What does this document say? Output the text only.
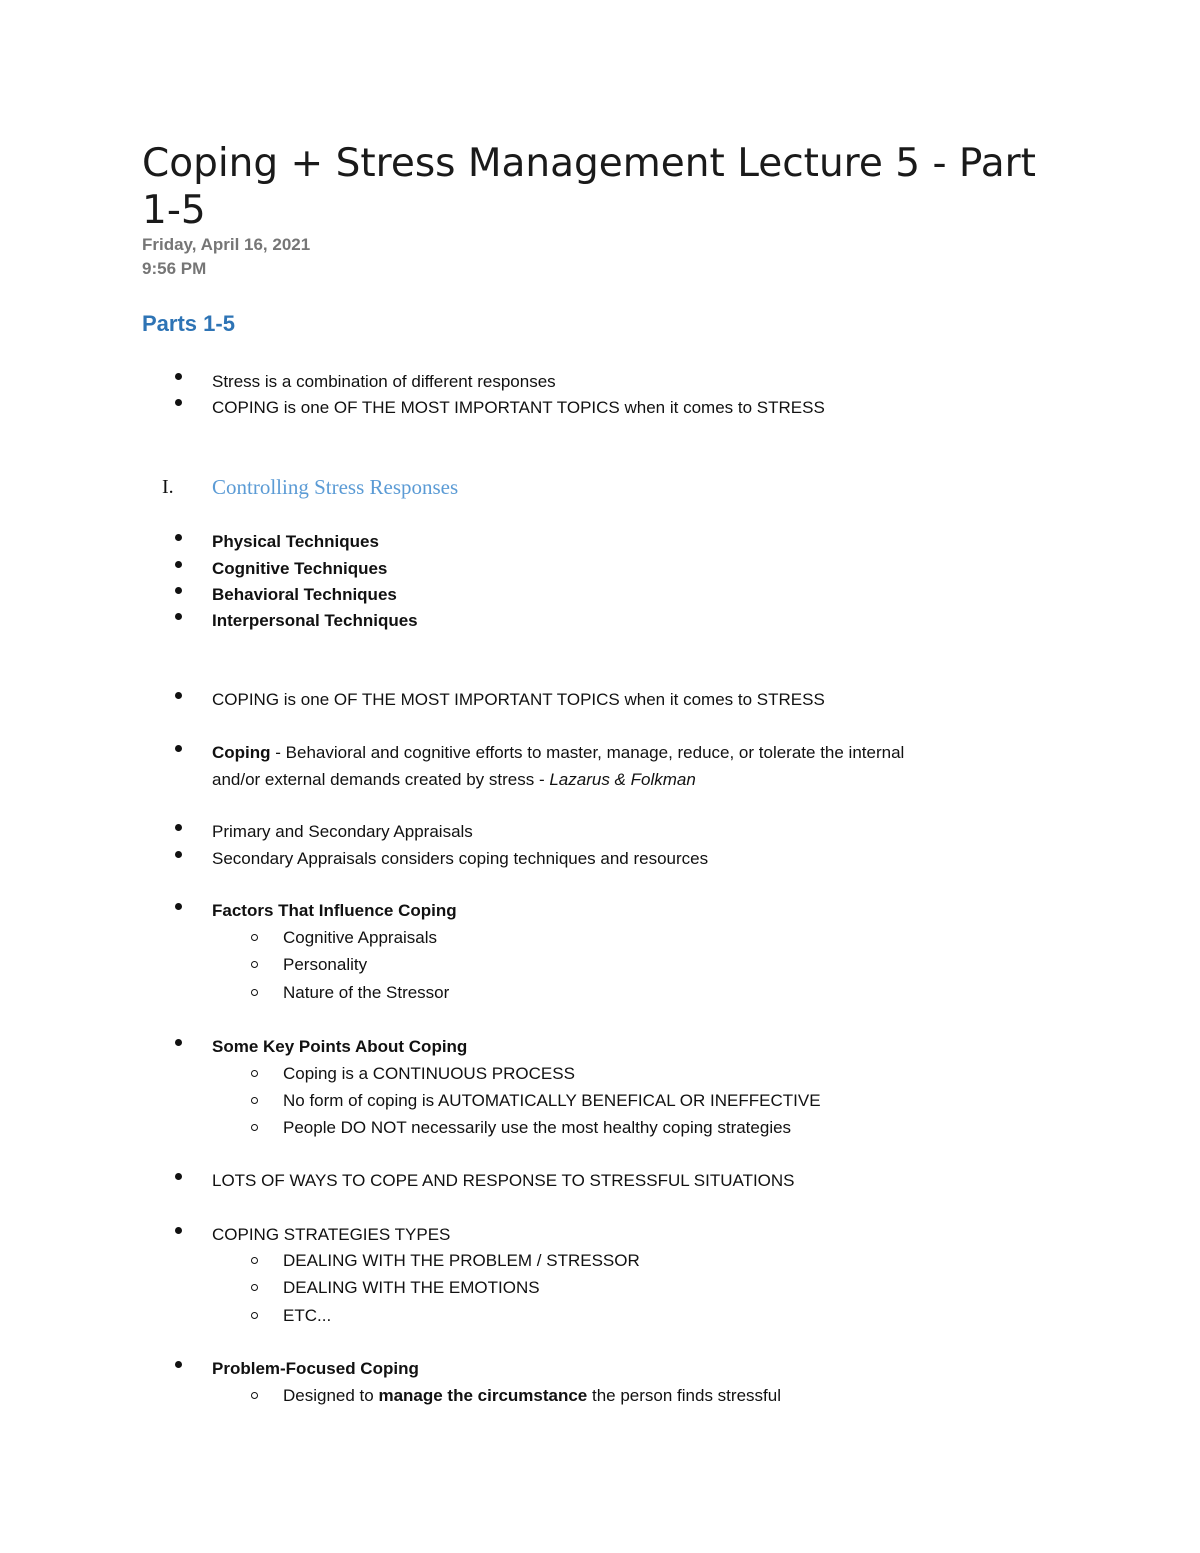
Coping + Stress Management Lecture 5 - Part 1-5
Friday, April 16, 2021
9:56 PM
Parts 1-5
Stress is a combination of different responses
COPING is one OF THE MOST IMPORTANT TOPICS when it comes to STRESS
I. Controlling Stress Responses
Physical Techniques
Cognitive Techniques
Behavioral Techniques
Interpersonal Techniques
COPING is one OF THE MOST IMPORTANT TOPICS when it comes to STRESS
Coping - Behavioral and cognitive efforts to master, manage, reduce, or tolerate the internal
and/or external demands created by stress - Lazarus & Folkman
Primary and Secondary Appraisals
Secondary Appraisals considers coping techniques and resources
Factors That Influence Coping
Cognitive Appraisals
Personality
Nature of the Stressor
Some Key Points About Coping
Coping is a CONTINUOUS PROCESS
No form of coping is AUTOMATICALLY BENEFICAL OR INEFFECTIVE
People DO NOT necessarily use the most healthy coping strategies
LOTS OF WAYS TO COPE AND RESPONSE TO STRESSFUL SITUATIONS
COPING STRATEGIES TYPES
DEALING WITH THE PROBLEM / STRESSOR
DEALING WITH THE EMOTIONS
ETC...
Problem-Focused Coping
Designed to manage the circumstance the person finds stressful
